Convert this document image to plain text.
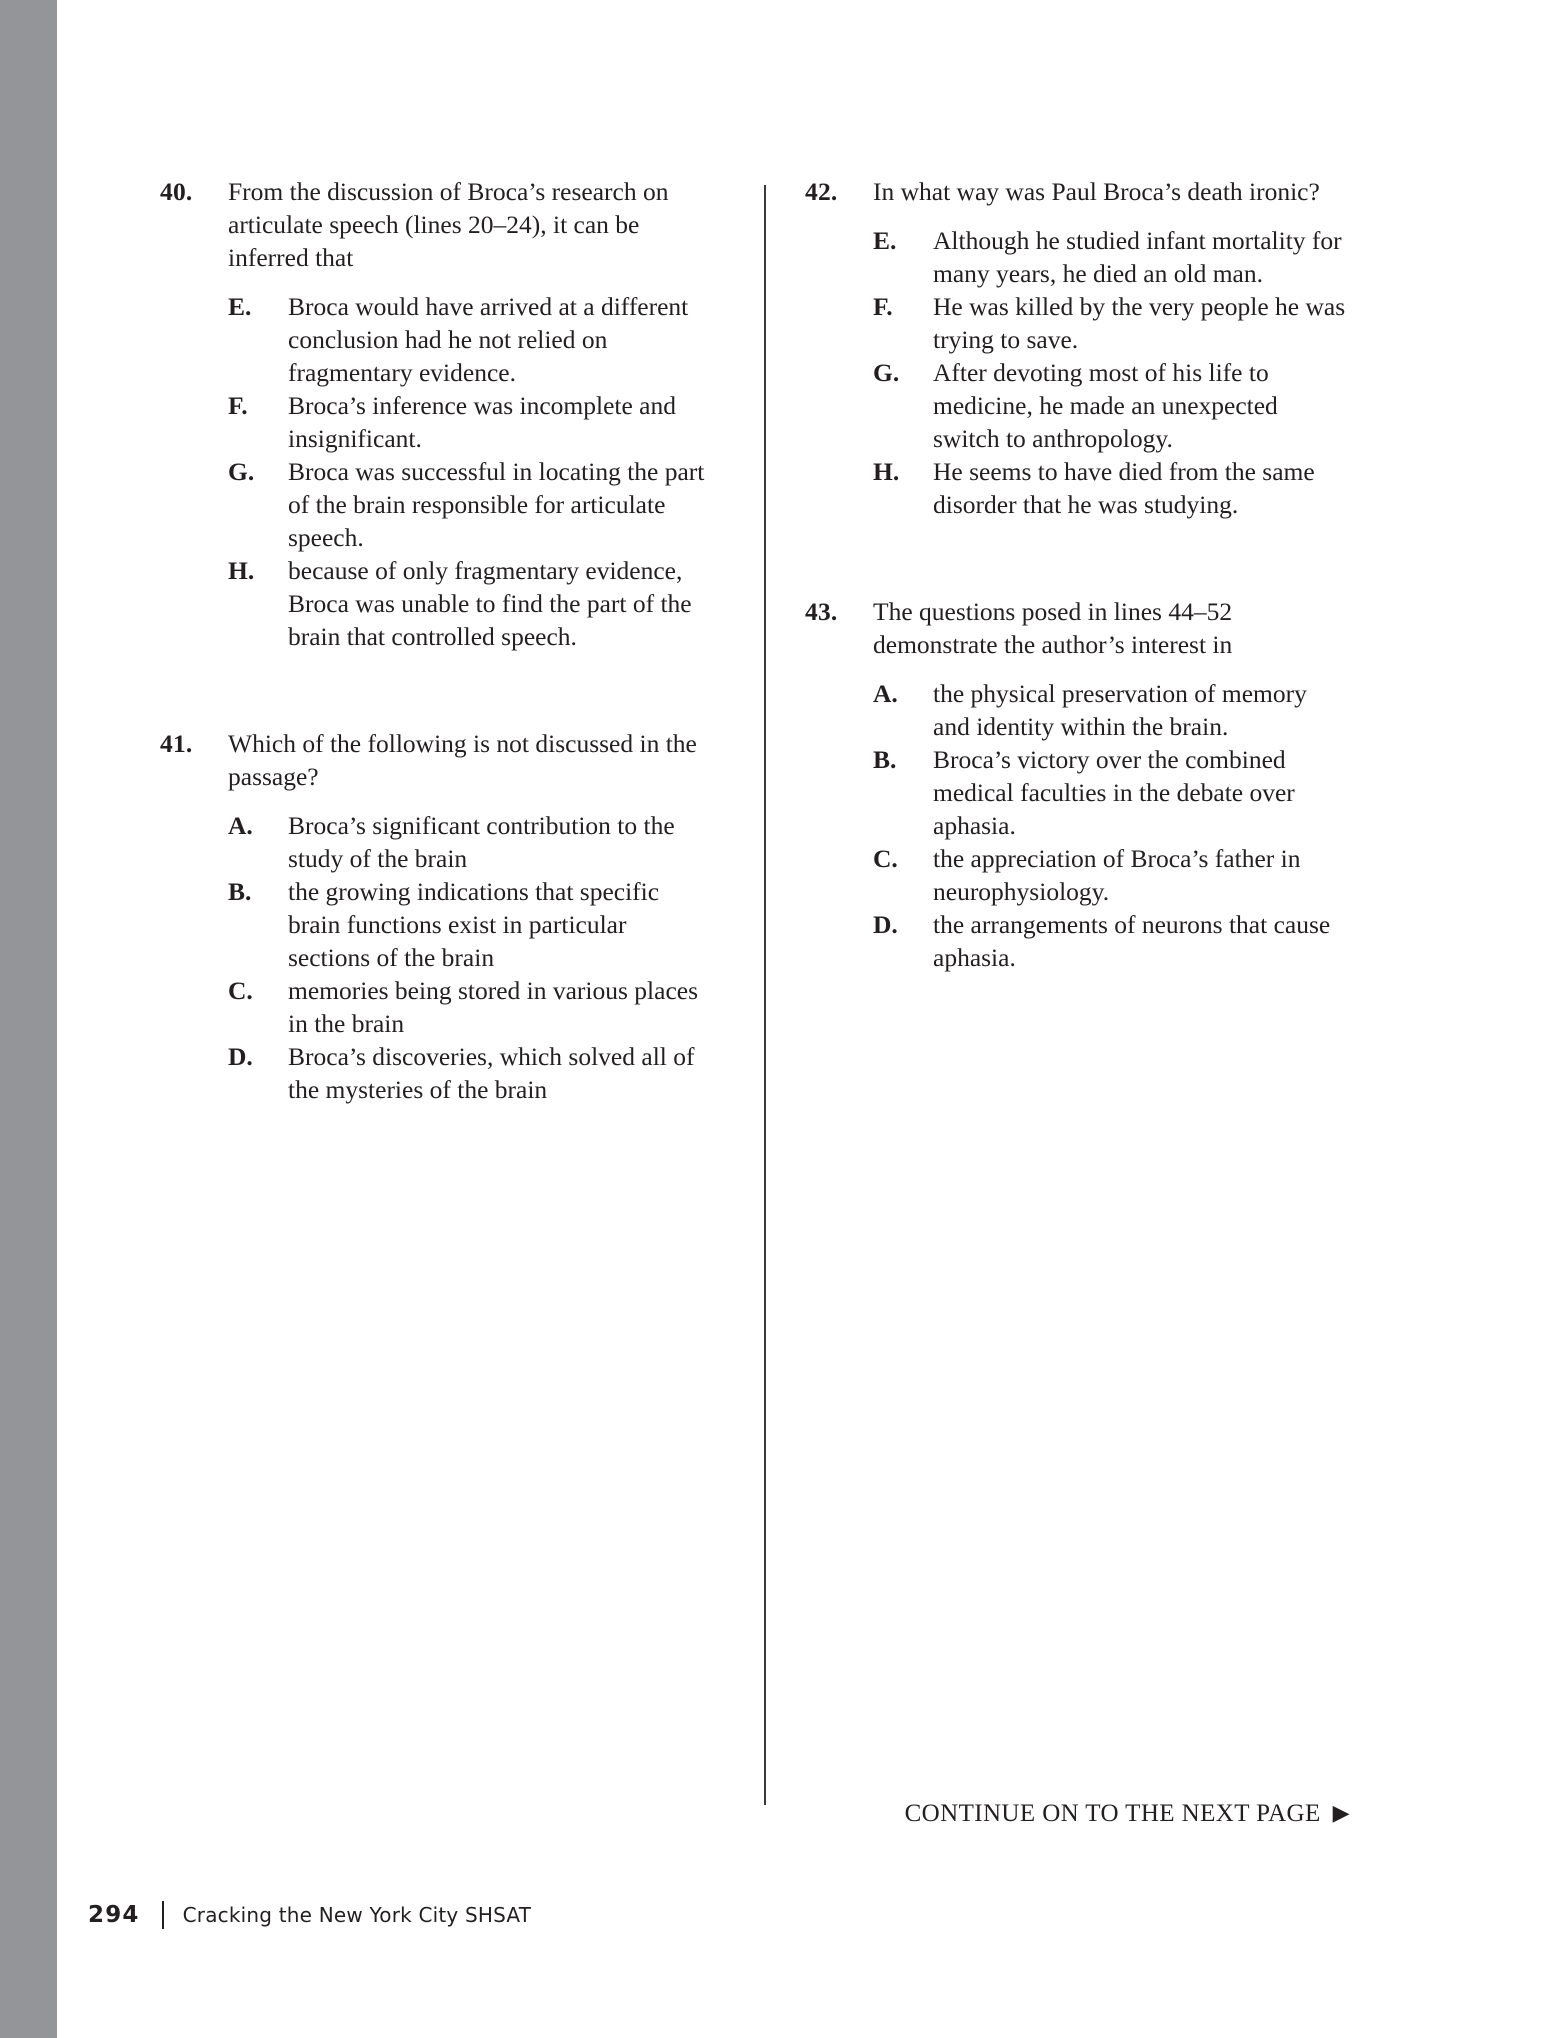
40. From the discussion of Broca’s research on articulate speech (lines 20–24), it can be inferred that
E. Broca would have arrived at a different conclusion had he not relied on fragmentary evidence.
F. Broca’s inference was incomplete and insignificant.
G. Broca was successful in locating the part of the brain responsible for articulate speech.
H. because of only fragmentary evidence, Broca was unable to find the part of the brain that controlled speech.
41. Which of the following is not discussed in the passage?
A. Broca’s significant contribution to the study of the brain
B. the growing indications that specific brain functions exist in particular sections of the brain
C. memories being stored in various places in the brain
D. Broca’s discoveries, which solved all of the mysteries of the brain
42. In what way was Paul Broca’s death ironic?
E. Although he studied infant mortality for many years, he died an old man.
F. He was killed by the very people he was trying to save.
G. After devoting most of his life to medicine, he made an unexpected switch to anthropology.
H. He seems to have died from the same disorder that he was studying.
43. The questions posed in lines 44–52 demonstrate the author’s interest in
A. the physical preservation of memory and identity within the brain.
B. Broca’s victory over the combined medical faculties in the debate over aphasia.
C. the appreciation of Broca’s father in neurophysiology.
D. the arrangements of neurons that cause aphasia.
CONTINUE ON TO THE NEXT PAGE ▶
294 Cracking the New York City SHSAT
